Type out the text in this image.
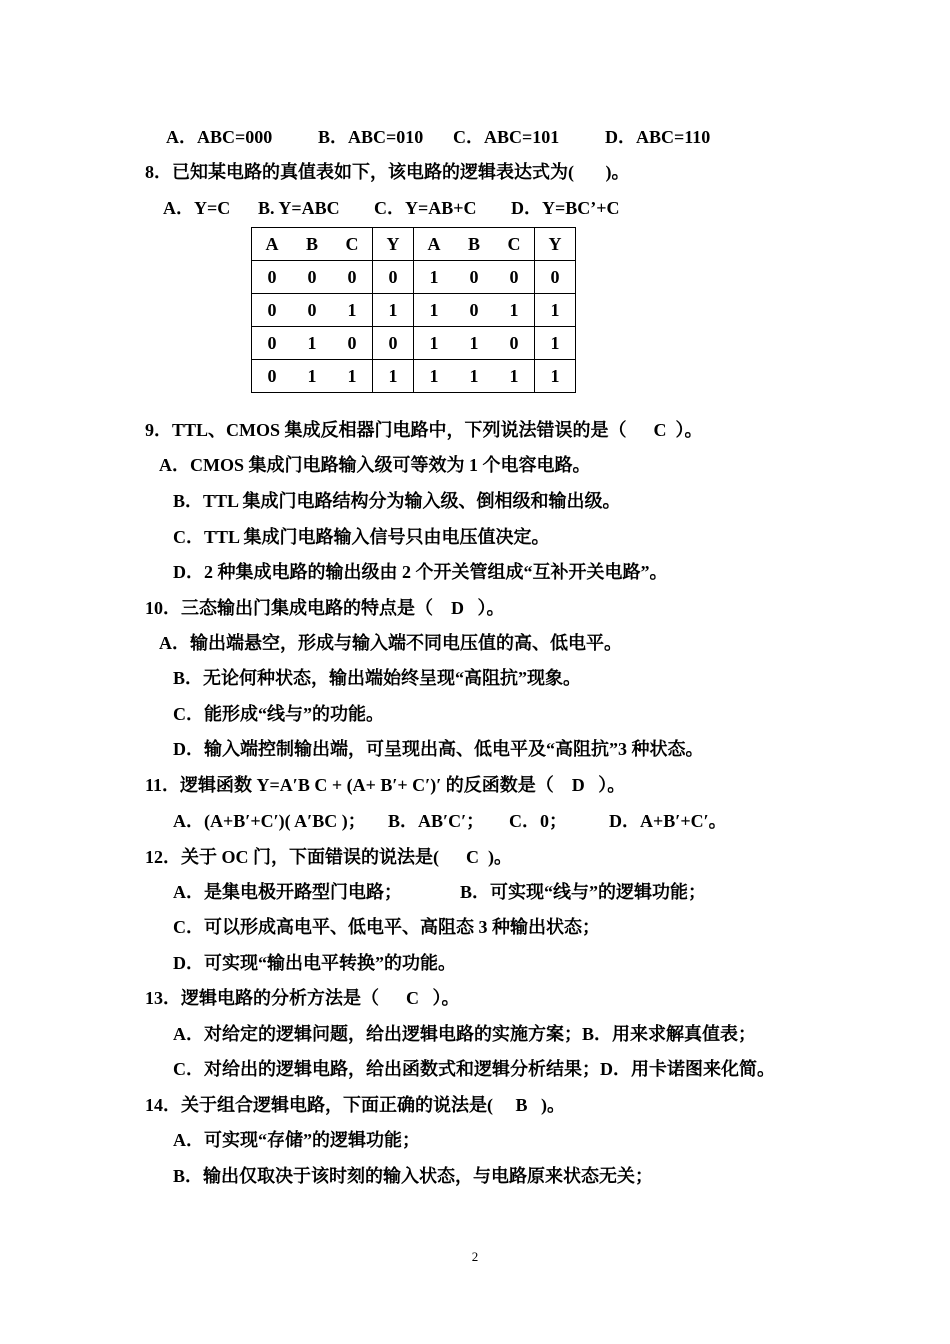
A．ABC=000	B．ABC=010 C．ABC=101	D．ABC=110
8．已知某电路的真值表如下，该电路的逻辑表达式为(       )。
A．Y=C B. Y=ABC C．Y=AB+C D．Y=BC’+C
A	B	C	Y	A	B	C	Y
0	0	0	0	1	0	0	0
0	0	1	1	1	0	1	1
0	1	0	0	1	1	0	1
0	1	1	1	1	1	1	1
9．TTL、CMOS 集成反相器门电路中，下列说法错误的是（      C  ）。
A．CMOS 集成门电路输入级可等效为 1 个电容电路。
B．TTL 集成门电路结构分为输入级、倒相级和输出级。
C．TTL 集成门电路输入信号只由电压值决定。
D．2 种集成电路的输出级由 2 个开关管组成“互补开关电路”。
10．三态输出门集成电路的特点是（    D   ）。
A．输出端悬空，形成与输入端不同电压值的高、低电平。
B．无论何种状态，输出端始终呈现“高阻抗”现象。
C．能形成“线与”的功能。
D．输入端控制输出端，可呈现出高、低电平及“高阻抗”3 种状态。
11．逻辑函数 Y=A′B C + (A+ B′+ C′)′ 的反函数是（    D   ）。
A．(A+B′+C′)( A′BC )； B．AB′C′； C．0； D．A+B′+C′。
12．关于 OC 门，下面错误的说法是(      C  )。
A．是集电极开路型门电路；	B．可实现“线与”的逻辑功能；
C．可以形成高电平、低电平、高阻态 3 种输出状态；
D．可实现“输出电平转换”的功能。
13．逻辑电路的分析方法是（      C   ）。
A．对给定的逻辑问题，给出逻辑电路的实施方案；B．用来求解真值表；
C．对给出的逻辑电路，给出函数式和逻辑分析结果；D．用卡诺图来化简。
14．关于组合逻辑电路，下面正确的说法是(     B   )。
A．可实现“存储”的逻辑功能；
B．输出仅取决于该时刻的输入状态，与电路原来状态无关；
2
